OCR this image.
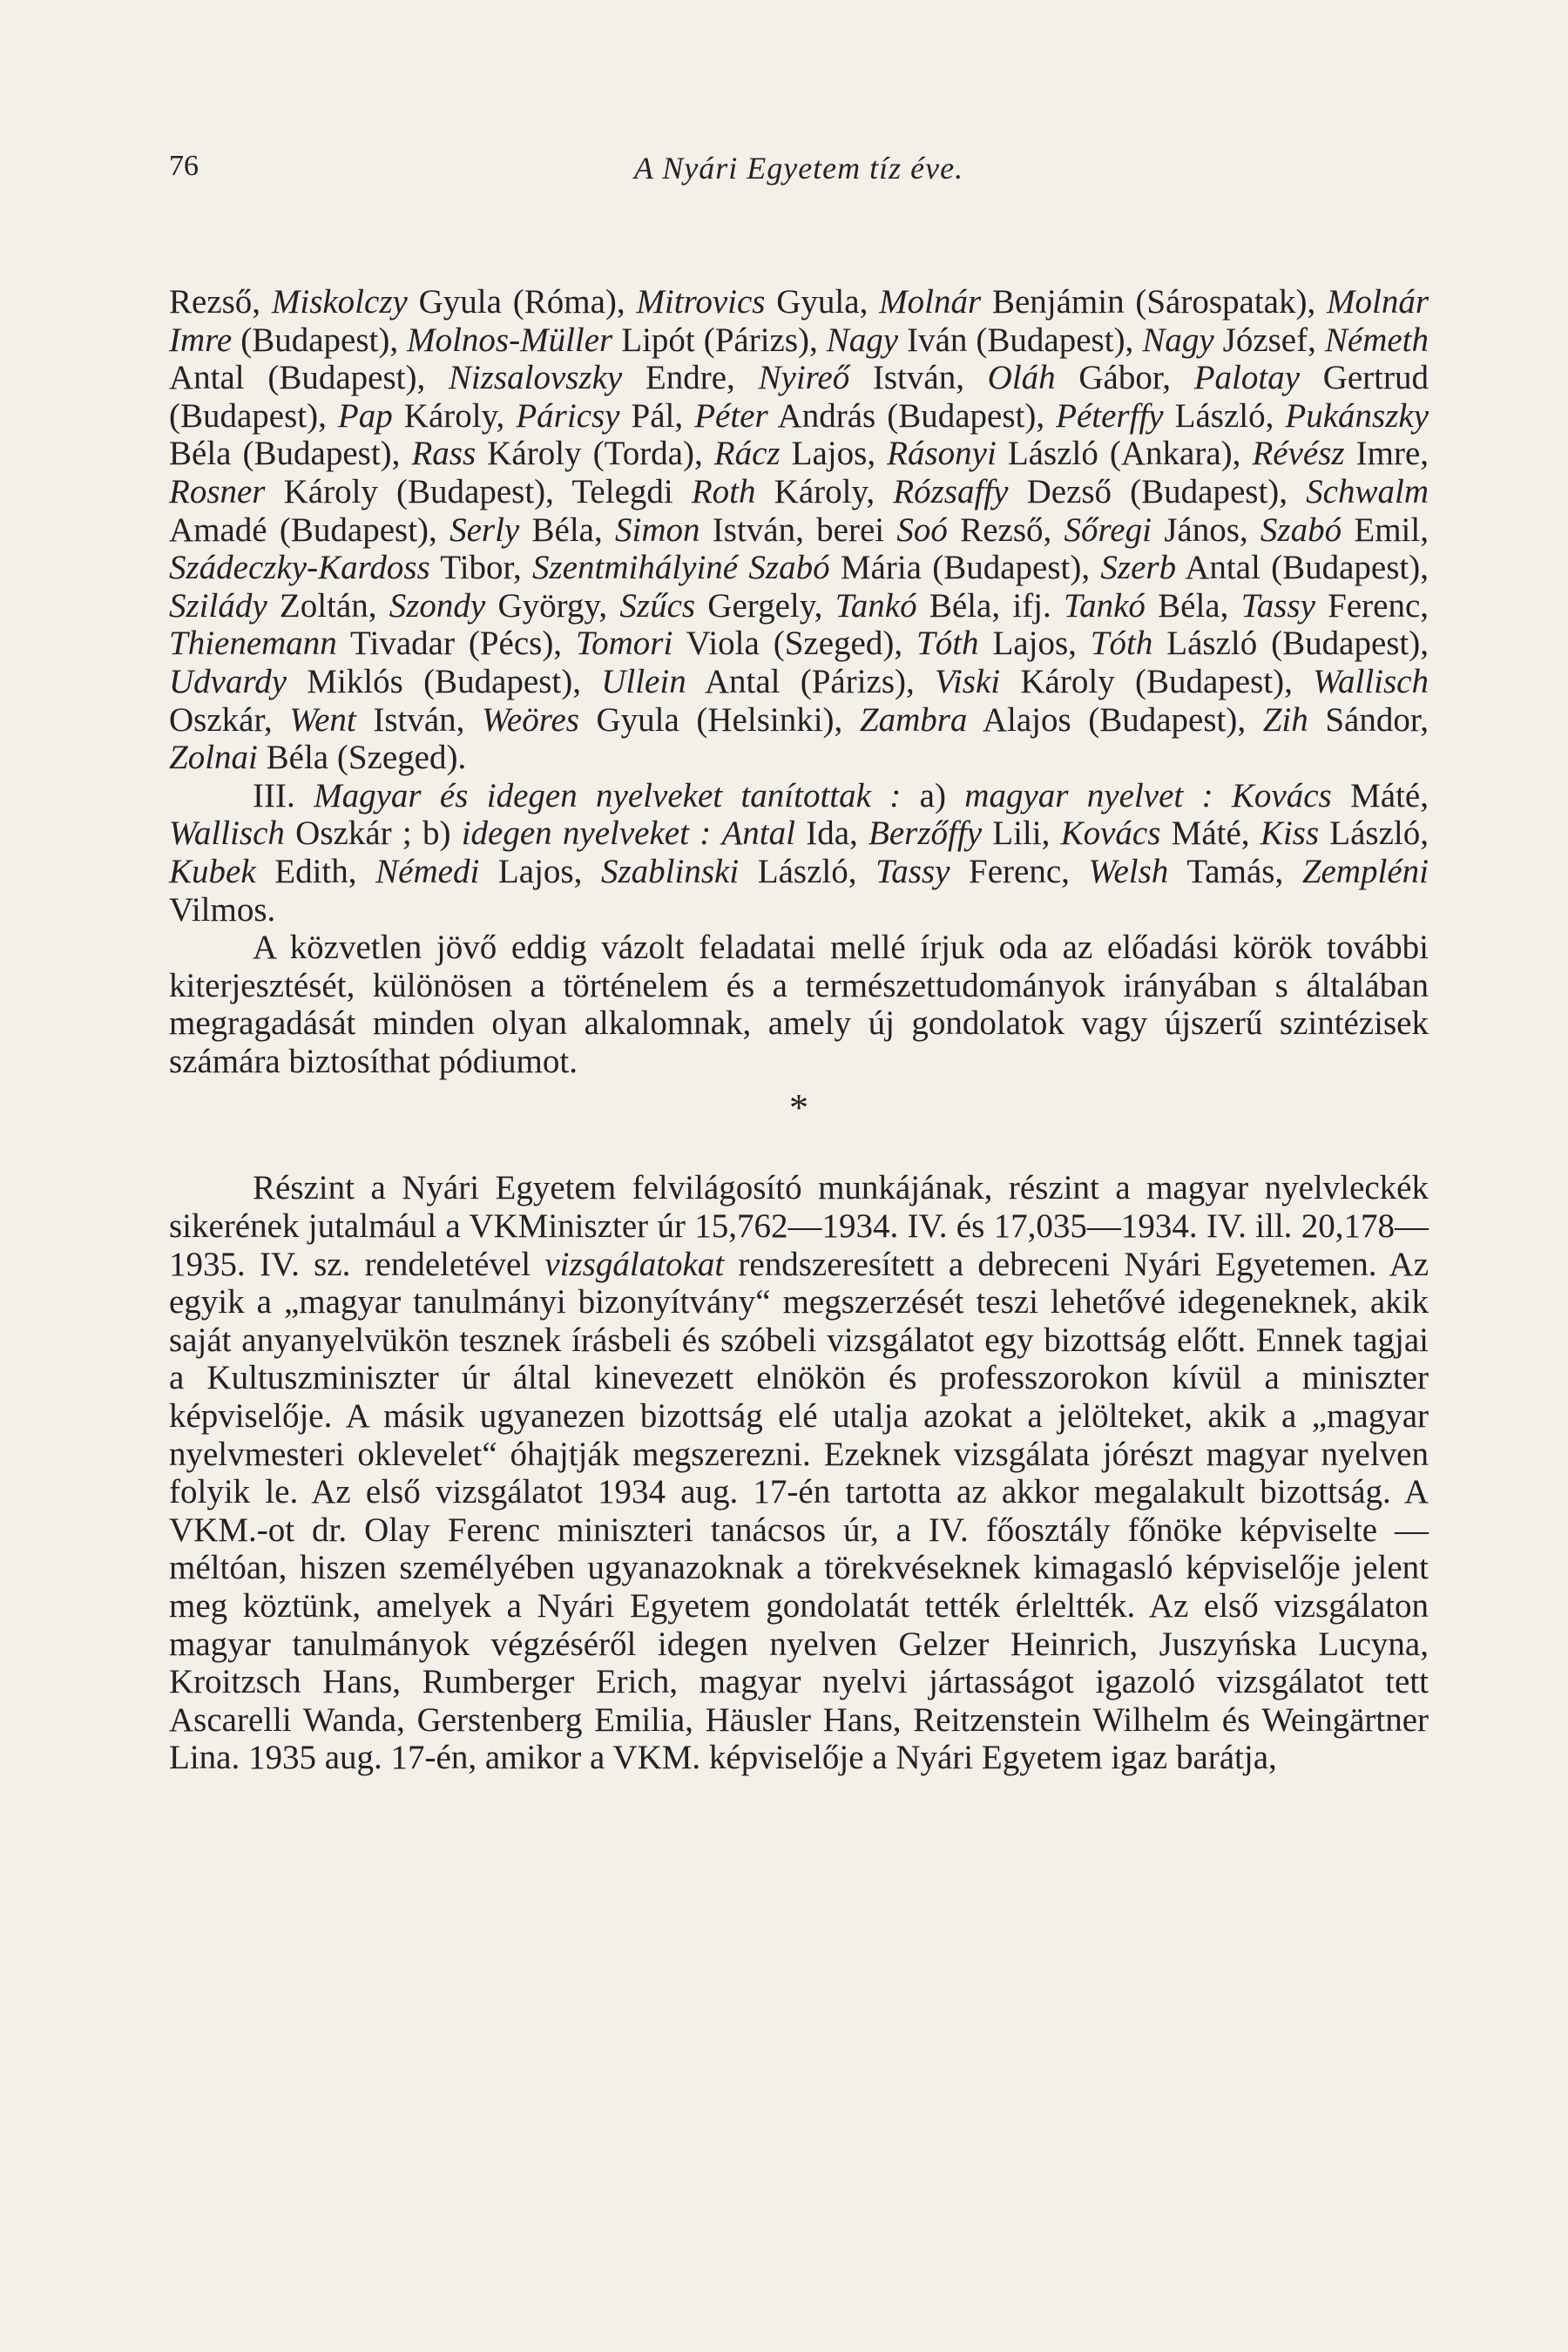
76	A Nyári Egyetem tíz éve.

Rezső, Miskolczy Gyula (Róma), Mitrovics Gyula, Molnár Benjámin (Sárospatak), Molnár Imre (Budapest), Molnos-Müller Lipót (Párizs), Nagy Iván (Budapest), Nagy József, Németh Antal (Budapest), Nizsalovszky Endre, Nyireő István, Oláh Gábor, Palotay Gertrud (Budapest), Pap Károly, Páricsy Pál, Péter András (Budapest), Péterffy László, Pukánszky Béla (Budapest), Rass Károly (Torda), Rácz Lajos, Rásonyi László (Ankara), Révész Imre, Rosner Károly (Budapest), Telegdi Roth Károly, Rózsaffy Dezső (Budapest), Schwalm Amadé (Budapest), Serly Béla, Simon István, berei Soó Rezső, Sőregi János, Szabó Emil, Szádeczky-Kardoss Tibor, Szentmihályiné Szabó Mária (Budapest), Szerb Antal (Budapest), Szilády Zoltán, Szondy György, Szűcs Gergely, Tankó Béla, ifj. Tankó Béla, Tassy Ferenc, Thienemann Tivadar (Pécs), Tomori Viola (Szeged), Tóth Lajos, Tóth László (Budapest), Udvardy Miklós (Budapest), Ullein Antal (Párizs), Viski Károly (Budapest), Wallisch Oszkár, Went István, Weöres Gyula (Helsinki), Zambra Alajos (Budapest), Zih Sándor, Zolnai Béla (Szeged).

III. Magyar és idegen nyelveket tanítottak : a) magyar nyelvet : Kovács Máté, Wallisch Oszkár ; b) idegen nyelveket : Antal Ida, Berzőffy Lili, Kovács Máté, Kiss László, Kubek Edith, Némedi Lajos, Szablinski László, Tassy Ferenc, Welsh Tamás, Zempléni Vilmos.

A közvetlen jövő eddig vázolt feladatai mellé írjuk oda az előadási körök további kiterjesztését, különösen a történelem és a természettudományok irányában s általában megragadását minden olyan alkalomnak, amely új gondolatok vagy újszerű szintézisek számára biztosíthat pódiumot.

*

Részint a Nyári Egyetem felvilágosító munkájának, részint a magyar nyelvleckék sikerének jutalmául a VKMiniszter úr 15,762—1934. IV. és 17,035—1934. IV. ill. 20,178—1935. IV. sz. rendeletével vizsgálatokat rendszeresített a debreceni Nyári Egyetemen. Az egyik a „magyar tanulmányi bizonyítvány“ megszerzését teszi lehetővé idegeneknek, akik saját anyanyelvükön tesznek írásbeli és szóbeli vizsgálatot egy bizottság előtt. Ennek tagjai a Kultuszminiszter úr által kinevezett elnökön és professzorokon kívül a miniszter képviselője. A másik ugyanezen bizottság elé utalja azokat a jelölteket, akik a „magyar nyelvmesteri oklevelet“ óhajtják megszerezni. Ezeknek vizsgálata jórészt magyar nyelven folyik le. Az első vizsgálatot 1934 aug. 17-én tartotta az akkor megalakult bizottság. A VKM.-ot dr. Olay Ferenc miniszteri tanácsos úr, a IV. főosztály főnöke képviselte — méltóan, hiszen személyében ugyanazoknak a törekvéseknek kimagasló képviselője jelent meg köztünk, amelyek a Nyári Egyetem gondolatát tették érleltték. Az első vizsgálaton magyar tanulmányok végzéséről idegen nyelven Gelzer Heinrich, Juszyńska Lucyna, Kroitzsch Hans, Rumberger Erich, magyar nyelvi jártasságot igazoló vizsgálatot tett Ascarelli Wanda, Gerstenberg Emilia, Häusler Hans, Reitzenstein Wilhelm és Weingärtner Lina. 1935 aug. 17-én, amikor a VKM. képviselője a Nyári Egyetem igaz barátja,
